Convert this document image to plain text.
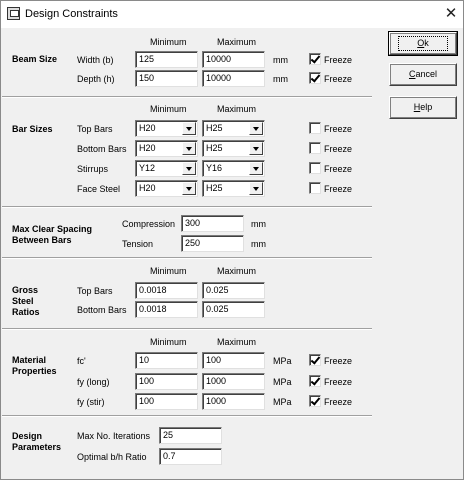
Design Constraints	✕
Beam Size
Minimum	Maximum
Width (b)	125	10000	mm	Freeze
Depth (h)	150	10000	mm	Freeze
Bar Sizes
Minimum	Maximum
Top Bars	H20	H25	Freeze
Bottom Bars H20	H25	Freeze
Stirrups	Y12	Y16	Freeze
Face Steel H20	H25	Freeze
Max Clear Spacing
Between Bars
Compression	300	mm
Tension	250	mm
Gross
Steel
Ratios
Minimum	Maximum
Top Bars	0.0018	0.025
Bottom Bars	0.0018	0.025
Material
Properties
Minimum	Maximum
fc'	10	100	MPa	Freeze
fy (long)	100	1000	MPa	Freeze
fy (stir)	100	1000	MPa	Freeze
Design
Parameters
Max No. Iterations	25
Optimal b/h Ratio	0.7
Ok
Cancel
Help
